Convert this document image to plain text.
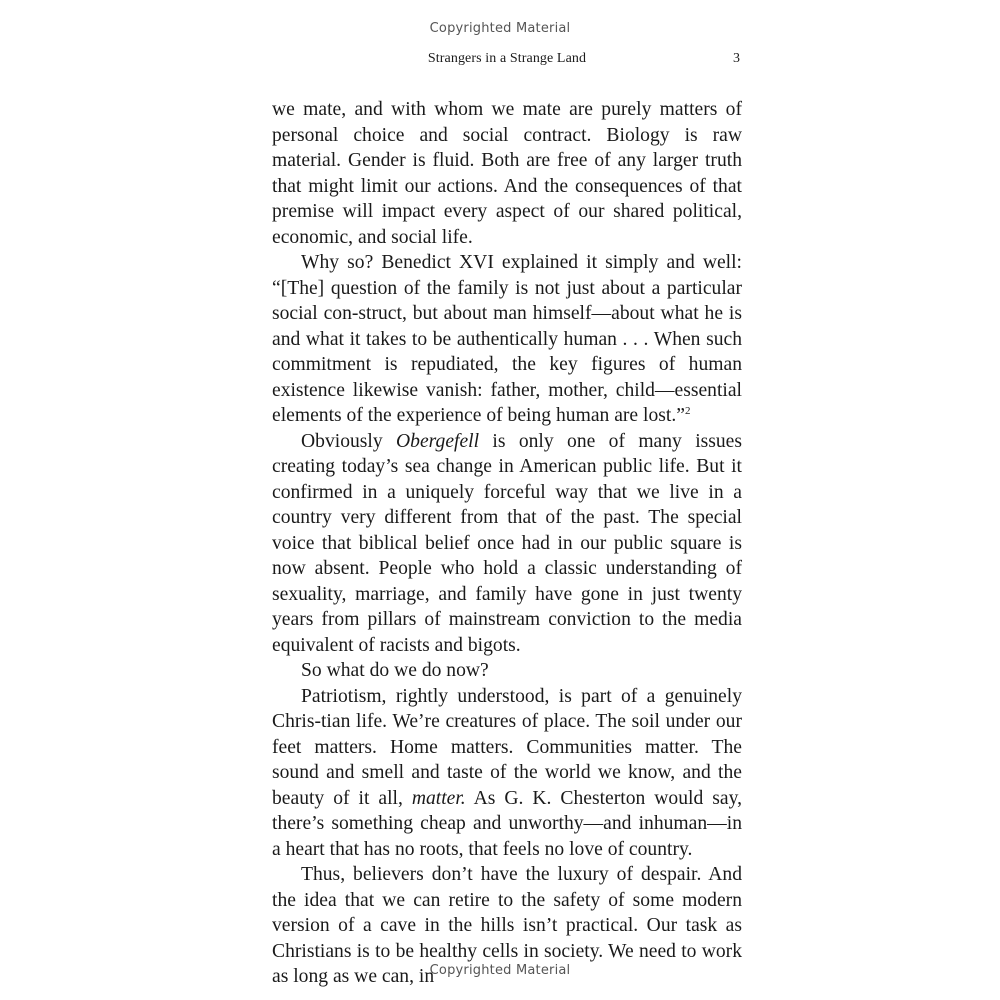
Copyrighted Material
Strangers in a Strange Land	3

we mate, and with whom we mate are purely matters of personal choice and social contract. Biology is raw material. Gender is fluid. Both are free of any larger truth that might limit our actions. And the consequences of that premise will impact every aspect of our shared political, economic, and social life.

Why so? Benedict XVI explained it simply and well: “[The] question of the family is not just about a particular social con-struct, but about man himself—about what he is and what it takes to be authentically human . . . When such commitment is repudiated, the key figures of human existence likewise vanish: father, mother, child—essential elements of the experience of being human are lost.”$^2$

Obviously Obergefell is only one of many issues creating today’s sea change in American public life. But it confirmed in a uniquely forceful way that we live in a country very different from that of the past. The special voice that biblical belief once had in our public square is now absent. People who hold a classic understanding of sexuality, marriage, and family have gone in just twenty years from pillars of mainstream conviction to the media equivalent of racists and bigots.

So what do we do now?

Patriotism, rightly understood, is part of a genuinely Chris-tian life. We’re creatures of place. The soil under our feet matters. Home matters. Communities matter. The sound and smell and taste of the world we know, and the beauty of it all, matter. As G. K. Chesterton would say, there’s something cheap and unworthy—and inhuman—in a heart that has no roots, that feels no love of country.

Thus, believers don’t have the luxury of despair. And the idea that we can retire to the safety of some modern version of a cave in the hills isn’t practical. Our task as Christians is to be healthy cells in society. We need to work as long as we can, in

Copyrighted Material
